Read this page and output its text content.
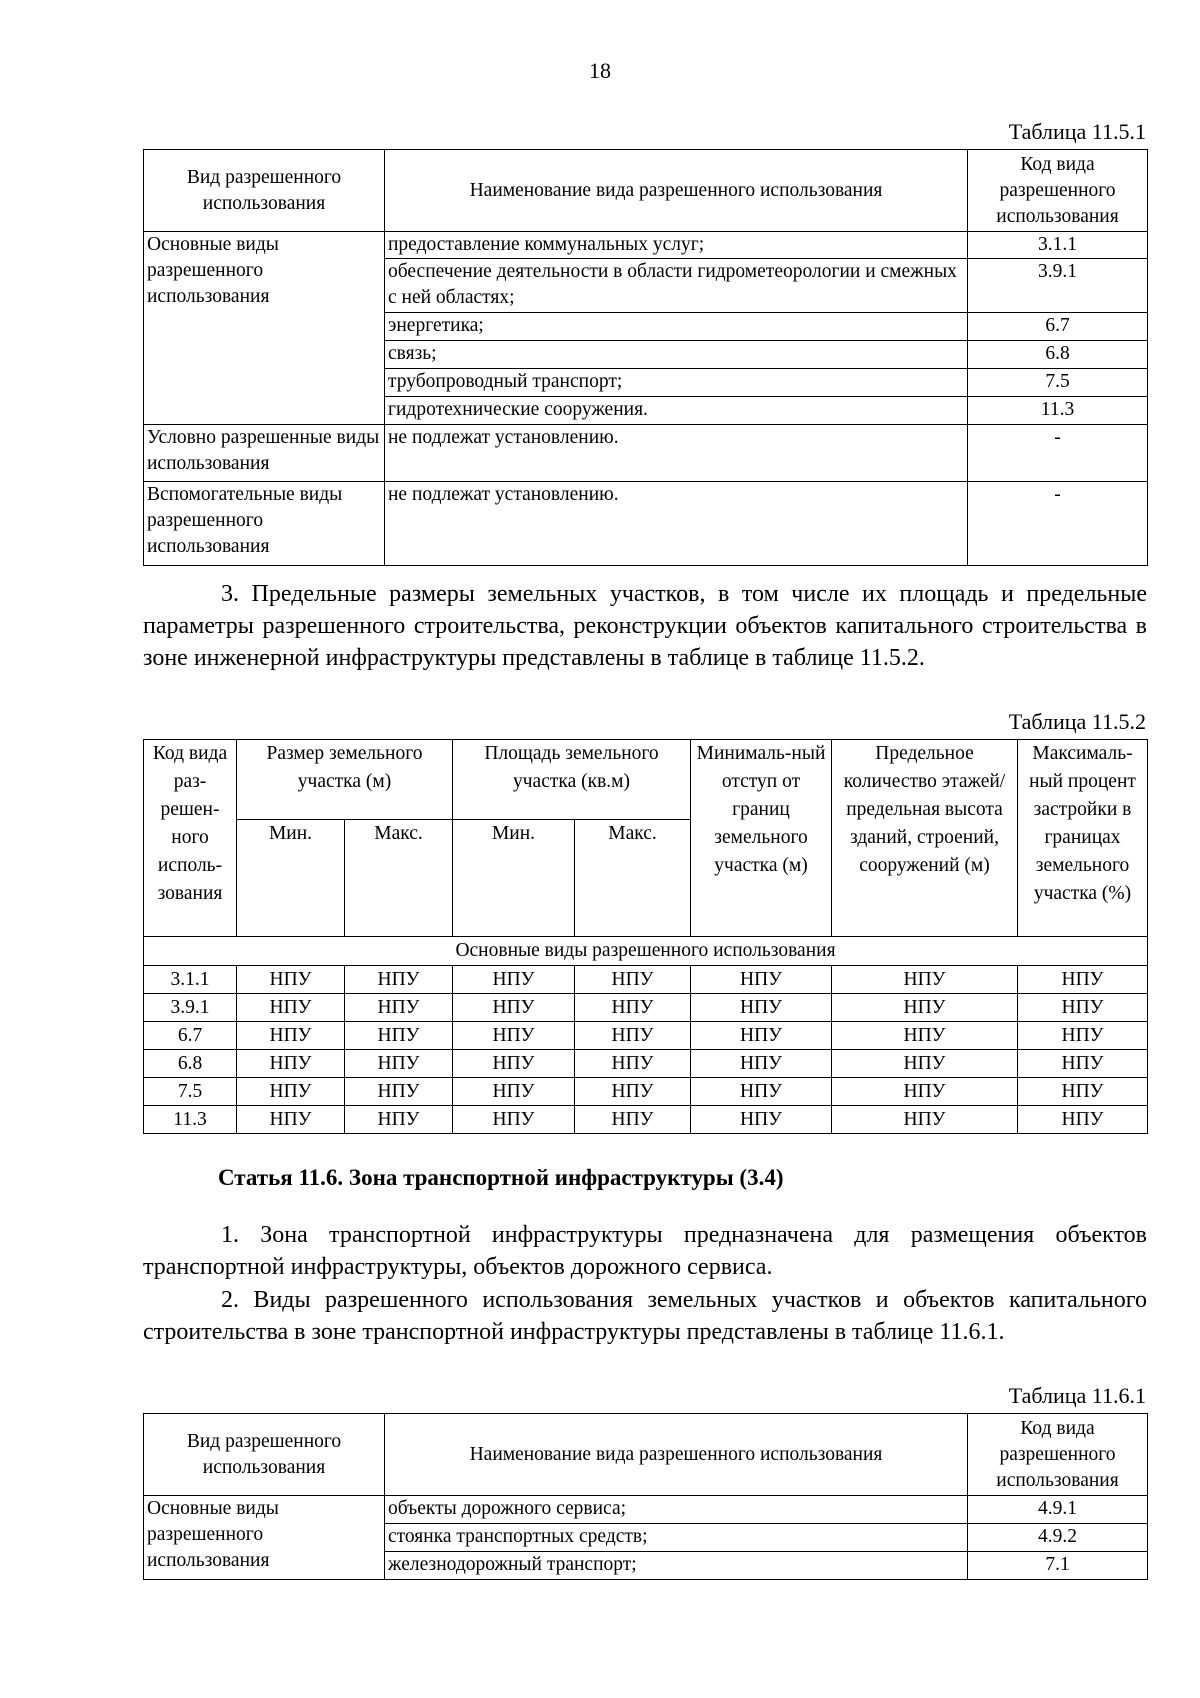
18
Таблица 11.5.1
Вид разрешенного использования	Наименование вида разрешенного использования	Код вида разрешенного использования
Основные виды разрешенного использования	предоставление коммунальных услуг;	3.1.1
	обеспечение деятельности в области гидрометеорологии и смежных с ней областях;	3.9.1
	энергетика;	6.7
	связь;	6.8
	трубопроводный транспорт;	7.5
	гидротехнические сооружения.	11.3
Условно разрешенные виды использования	не подлежат установлению.	-
Вспомогательные виды разрешенного использования	не подлежат установлению.	-
3. Предельные размеры земельных участков, в том числе их площадь и предельные параметры разрешенного строительства, реконструкции объектов капитального строительства в зоне инженерной инфраструктуры представлены в таблице в таблице 11.5.2.
Таблица 11.5.2
Код вида раз-решен-ного исполь-зования	Размер земельного участка (м)		Площадь земельного участка (кв.м)		Минималь-ный отступ от границ земельного участка (м)	Предельное количество этажей/ предельная высота зданий, строений, сооружений (м)	Максималь-ный процент застройки в границах земельного участка (%)
	Мин.	Макс.	Мин.	Макс.			
Основные виды разрешенного использования							
3.1.1	НПУ	НПУ	НПУ	НПУ	НПУ	НПУ	НПУ
3.9.1	НПУ	НПУ	НПУ	НПУ	НПУ	НПУ	НПУ
6.7	НПУ	НПУ	НПУ	НПУ	НПУ	НПУ	НПУ
6.8	НПУ	НПУ	НПУ	НПУ	НПУ	НПУ	НПУ
7.5	НПУ	НПУ	НПУ	НПУ	НПУ	НПУ	НПУ
11.3	НПУ	НПУ	НПУ	НПУ	НПУ	НПУ	НПУ
Статья 11.6. Зона транспортной инфраструктуры (3.4)
1. Зона транспортной инфраструктуры предназначена для размещения объектов транспортной инфраструктуры, объектов дорожного сервиса.
2. Виды разрешенного использования земельных участков и объектов капитального строительства в зоне транспортной инфраструктуры представлены в таблице 11.6.1.
Таблица 11.6.1
Вид разрешенного использования	Наименование вида разрешенного использования	Код вида разрешенного использования
Основные виды разрешенного использования	объекты дорожного сервиса;	4.9.1
	стоянка транспортных средств;	4.9.2
	железнодорожный транспорт;	7.1
